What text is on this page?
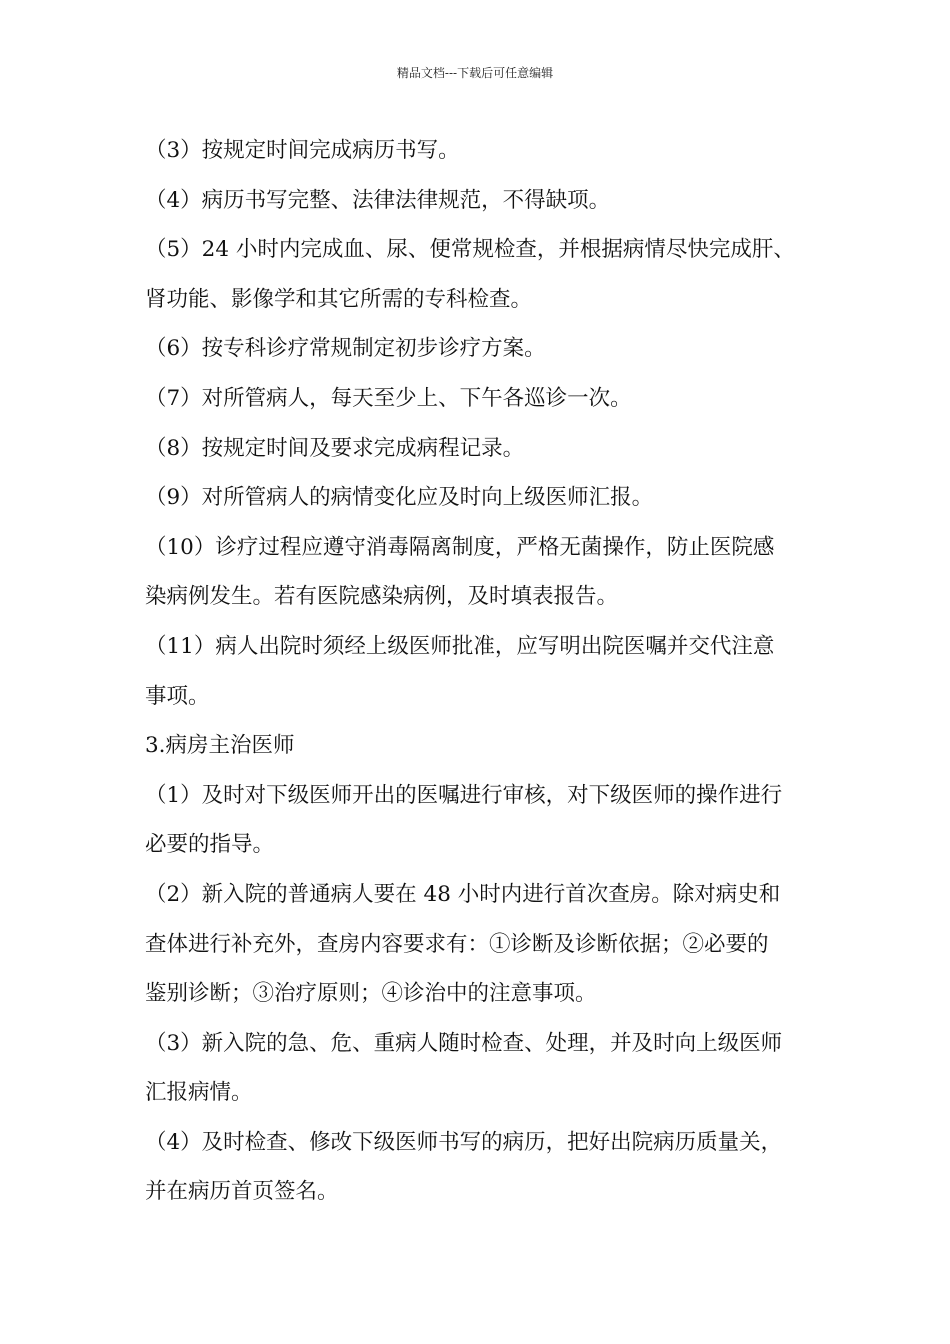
精品文档---下载后可任意编辑
（3）按规定时间完成病历书写。
（4）病历书写完整、法律法律规范，不得缺项。
（5）24 小时内完成血、尿、便常规检查，并根据病情尽快完成肝、
肾功能、影像学和其它所需的专科检查。
（6）按专科诊疗常规制定初步诊疗方案。
（7）对所管病人，每天至少上、下午各巡诊一次。
（8）按规定时间及要求完成病程记录。
（9）对所管病人的病情变化应及时向上级医师汇报。
（10）诊疗过程应遵守消毒隔离制度，严格无菌操作，防止医院感
染病例发生。若有医院感染病例，及时填表报告。
（11）病人出院时须经上级医师批准，应写明出院医嘱并交代注意
事项。
3.病房主治医师
（1）及时对下级医师开出的医嘱进行审核，对下级医师的操作进行
必要的指导。
（2）新入院的普通病人要在 48 小时内进行首次查房。除对病史和
查体进行补充外，查房内容要求有：①诊断及诊断依据；②必要的
鉴别诊断；③治疗原则；④诊治中的注意事项。
（3）新入院的急、危、重病人随时检查、处理，并及时向上级医师
汇报病情。
（4）及时检查、修改下级医师书写的病历，把好出院病历质量关，
并在病历首页签名。
